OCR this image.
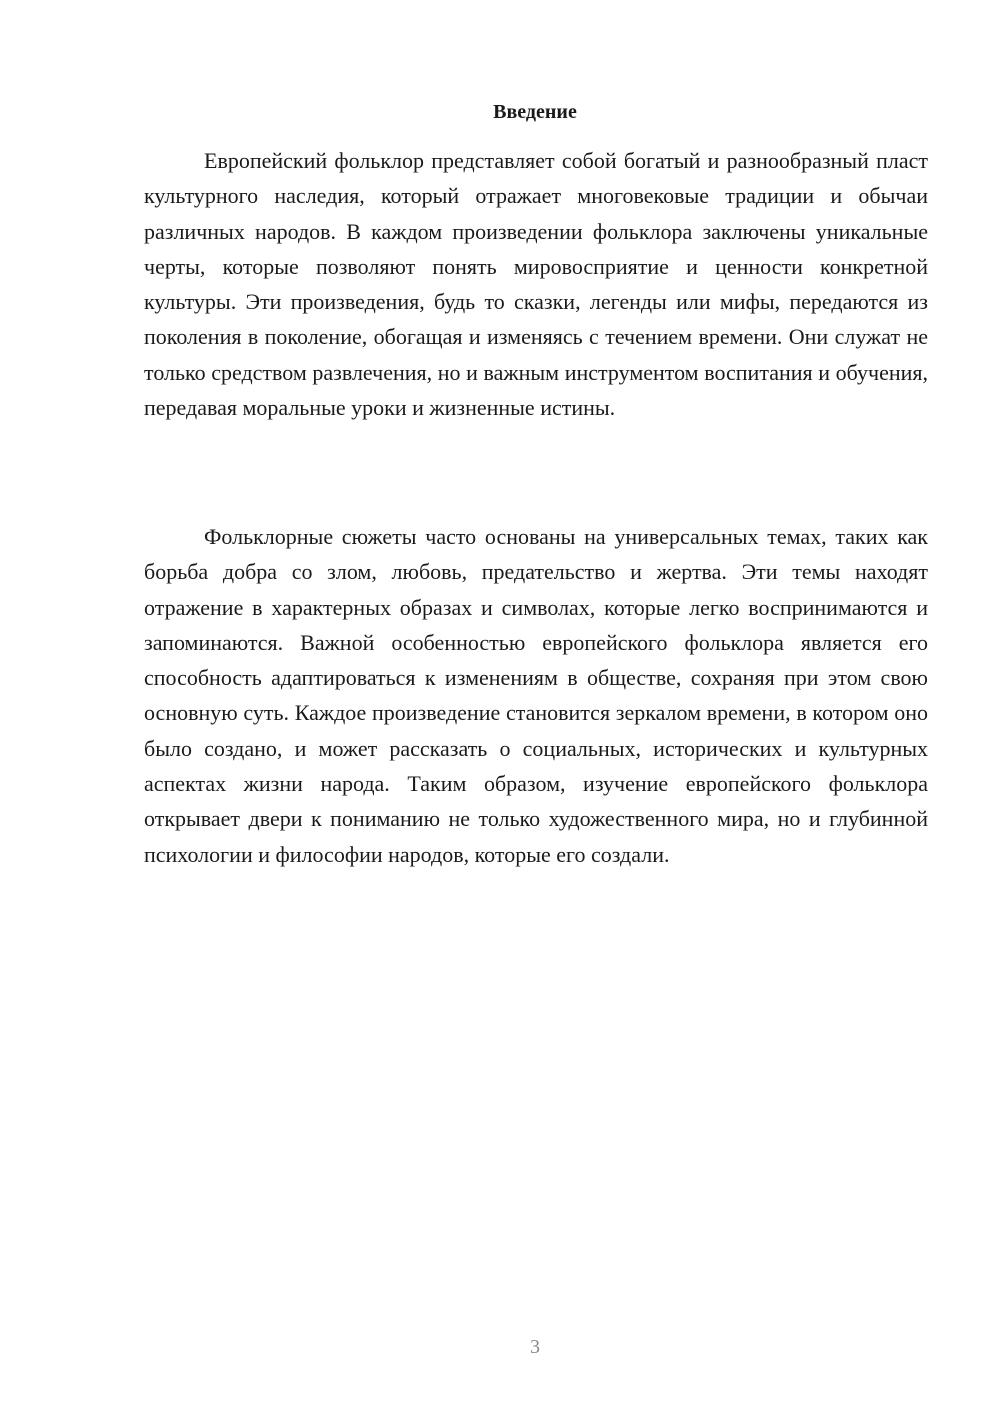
Введение

Европейский фольклор представляет собой богатый и разнообразный пласт культурного наследия, который отражает многовековые традиции и обычаи различных народов. В каждом произведении фольклора заключены уникальные черты, которые позволяют понять мировосприятие и ценности конкретной культуры. Эти произведения, будь то сказки, легенды или мифы, передаются из поколения в поколение, обогащая и изменяясь с течением времени. Они служат не только средством развлечения, но и важным инструментом воспитания и обучения, передавая моральные уроки и жизненные истины.

Фольклорные сюжеты часто основаны на универсальных темах, таких как борьба добра со злом, любовь, предательство и жертва. Эти темы находят отражение в характерных образах и символах, которые легко воспринимаются и запоминаются. Важной особенностью европейского фольклора является его способность адаптироваться к изменениям в обществе, сохраняя при этом свою основную суть. Каждое произведение становится зеркалом времени, в котором оно было создано, и может рассказать о социальных, исторических и культурных аспектах жизни народа. Таким образом, изучение европейского фольклора открывает двери к пониманию не только художественного мира, но и глубинной психологии и философии народов, которые его создали.

3
